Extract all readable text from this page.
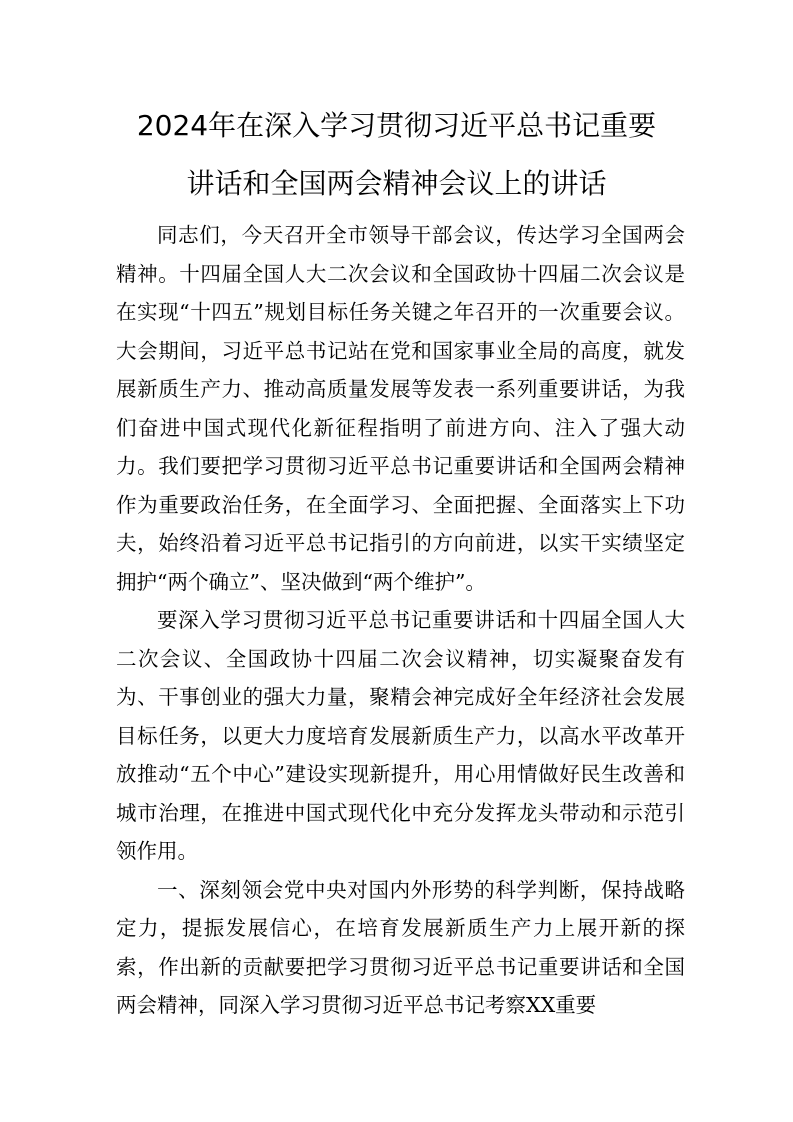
2024年在深入学习贯彻习近平总书记重要
讲话和全国两会精神会议上的讲话

同志们，今天召开全市领导干部会议，传达学习全国两会精神。十四届全国人大二次会议和全国政协十四届二次会议是在实现“十四五”规划目标任务关键之年召开的一次重要会议。大会期间，习近平总书记站在党和国家事业全局的高度，就发展新质生产力、推动高质量发展等发表一系列重要讲话，为我们奋进中国式现代化新征程指明了前进方向、注入了强大动力。我们要把学习贯彻习近平总书记重要讲话和全国两会精神作为重要政治任务，在全面学习、全面把握、全面落实上下功夫，始终沿着习近平总书记指引的方向前进，以实干实绩坚定拥护“两个确立”、坚决做到“两个维护”。

要深入学习贯彻习近平总书记重要讲话和十四届全国人大二次会议、全国政协十四届二次会议精神，切实凝聚奋发有为、干事创业的强大力量，聚精会神完成好全年经济社会发展目标任务，以更大力度培育发展新质生产力，以高水平改革开放推动“五个中心”建设实现新提升，用心用情做好民生改善和城市治理，在推进中国式现代化中充分发挥龙头带动和示范引领作用。

一、深刻领会党中央对国内外形势的科学判断，保持战略定力，提振发展信心，在培育发展新质生产力上展开新的探索，作出新的贡献要把学习贯彻习近平总书记重要讲话和全国两会精神，同深入学习贯彻习近平总书记考察XX重要
